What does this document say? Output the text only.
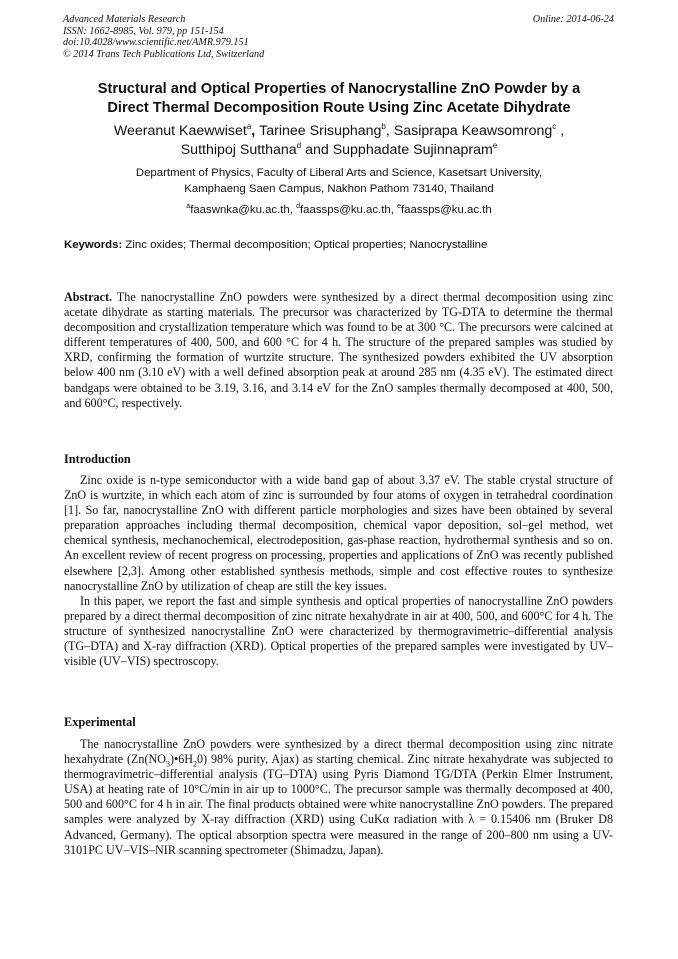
Advanced Materials Research
ISSN: 1662-8985, Vol. 979, pp 151-154
doi:10.4028/www.scientific.net/AMR.979.151
© 2014 Trans Tech Publications Ltd, Switzerland
Online: 2014-06-24
Structural and Optical Properties of Nanocrystalline ZnO Powder by a
Direct Thermal Decomposition Route Using Zinc Acetate Dihydrate
Weeranut Kaewwiset$^a$, Tarinee Srisuphang$^b$, Sasiprapa Keawsomrong$^c$ ,
Sutthipoj Sutthana$^d$ and Supphadate Sujinnapram$^e$
Department of Physics, Faculty of Liberal Arts and Science, Kasetsart University,
Kamphaeng Saen Campus, Nakhon Pathom 73140, Thailand
$^a$faaswnka@ku.ac.th, $^d$faassps@ku.ac.th, $^e$faassps@ku.ac.th
Keywords: Zinc oxides; Thermal decomposition; Optical properties; Nanocrystalline

Abstract. The nanocrystalline ZnO powders were synthesized by a direct thermal decomposition using zinc acetate dihydrate as starting materials. The precursor was characterized by TG-DTA to determine the thermal decomposition and crystallization temperature which was found to be at 300 °C. The precursors were calcined at different temperatures of 400, 500, and 600 °C for 4 h. The structure of the prepared samples was studied by XRD, confirming the formation of wurtzite structure. The synthesized powders exhibited the UV absorption below 400 nm (3.10 eV) with a well defined absorption peak at around 285 nm (4.35 eV). The estimated direct bandgaps were obtained to be 3.19, 3.16, and 3.14 eV for the ZnO samples thermally decomposed at 400, 500, and 600°C, respectively.

Introduction

Zinc oxide is n-type semiconductor with a wide band gap of about 3.37 eV. The stable crystal structure of ZnO is wurtzite, in which each atom of zinc is surrounded by four atoms of oxygen in tetrahedral coordination [1]. So far, nanocrystalline ZnO with different particle morphologies and sizes have been obtained by several preparation approaches including thermal decomposition, chemical vapor deposition, sol–gel method, wet chemical synthesis, mechanochemical, electrodeposition, gas-phase reaction, hydrothermal synthesis and so on. An excellent review of recent progress on processing, properties and applications of ZnO was recently published elsewhere [2,3]. Among other established synthesis methods, simple and cost effective routes to synthesize nanocrystalline ZnO by utilization of cheap are still the key issues.

In this paper, we report the fast and simple synthesis and optical properties of nanocrystalline ZnO powders prepared by a direct thermal decomposition of zinc nitrate hexahydrate in air at 400, 500, and 600°C for 4 h. The structure of synthesized nanocrystalline ZnO were characterized by thermogravimetric–differential analysis (TG–DTA) and X-ray diffraction (XRD). Optical properties of the prepared samples were investigated by UV–visible (UV–VIS) spectroscopy.

Experimental

The nanocrystalline ZnO powders were synthesized by a direct thermal decomposition using zinc nitrate hexahydrate $(Zn(NO_3)•6H_20)$ 98% purity, Ajax) as starting chemical. Zinc nitrate hexahydrate was subjected to thermogravimetric–differential analysis (TG–DTA) using Pyris Diamond TG/DTA (Perkin Elmer Instrument, USA) at heating rate of 10°C/min in air up to 1000°C. The precursor sample was thermally decomposed at 400, 500 and 600°C for 4 h in air. The final products obtained were white nanocrystalline ZnO powders. The prepared samples were analyzed by X-ray diffraction (XRD) using CuKα radiation with λ = 0.15406 nm (Bruker D8 Advanced, Germany). The optical absorption spectra were measured in the range of 200–800 nm using a UV-3101PC UV–VIS–NIR scanning spectrometer (Shimadzu, Japan).
